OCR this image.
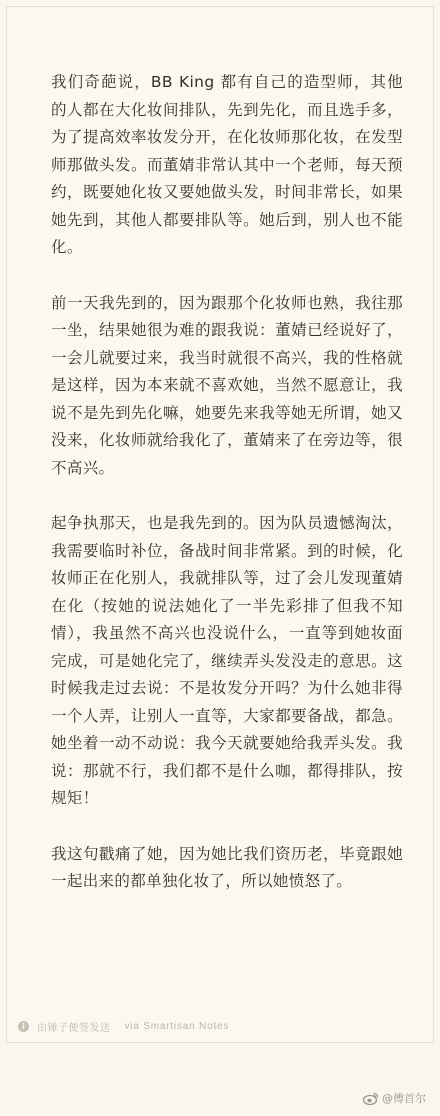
我们奇葩说，BB King 都有自己的造型师，其他的人都在大化妆间排队，先到先化，而且选手多，为了提高效率妆发分开，在化妆师那化妆，在发型师那做头发。而董婧非常认其中一个老师，每天预约，既要她化妆又要她做头发，时间非常长，如果她先到，其他人都要排队等。她后到，别人也不能化。

前一天我先到的，因为跟那个化妆师也熟，我往那一坐，结果她很为难的跟我说：董婧已经说好了，一会儿就要过来，我当时就很不高兴，我的性格就是这样，因为本来就不喜欢她，当然不愿意让，我说不是先到先化嘛，她要先来我等她无所谓，她又没来，化妆师就给我化了，董婧来了在旁边等，很不高兴。

起争执那天，也是我先到的。因为队员遗憾淘汰，我需要临时补位，备战时间非常紧。到的时候，化妆师正在化别人，我就排队等，过了会儿发现董婧在化（按她的说法她化了一半先彩排了但我不知情），我虽然不高兴也没说什么，一直等到她妆面完成，可是她化完了，继续弄头发没走的意思。这时候我走过去说：不是妆发分开吗？为什么她非得一个人弄，让别人一直等，大家都要备战，都急。她坐着一动不动说：我今天就要她给我弄头发。我说：那就不行，我们都不是什么咖，都得排队，按规矩！

我这句戳痛了她，因为她比我们资历老，毕竟跟她一起出来的都单独化妆了，所以她愤怒了。

i	由锤子便签发送 via Smartisan Notes
@傅首尔
